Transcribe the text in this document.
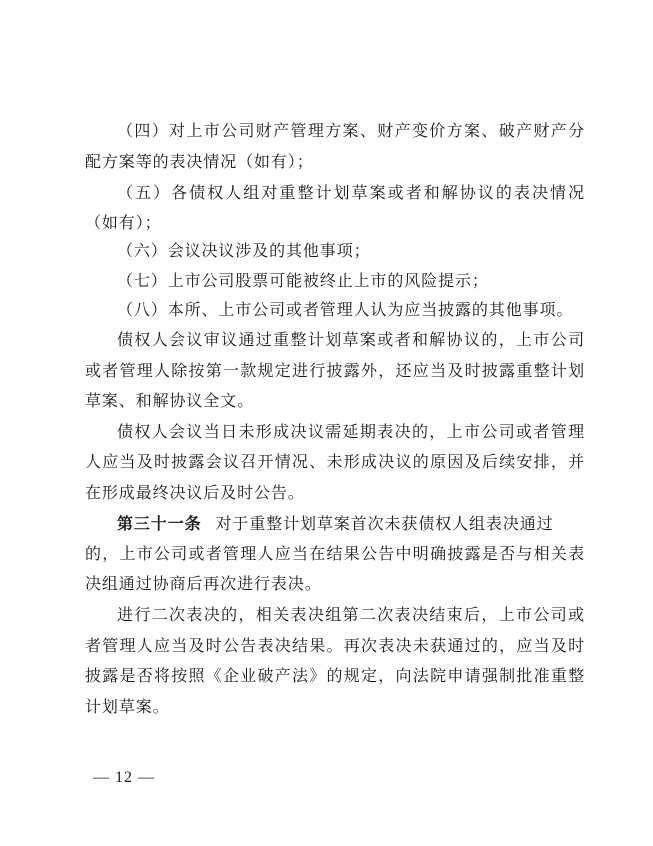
（四）对上市公司财产管理方案、财产变价方案、破产财产分
配方案等的表决情况（如有）；
（五）各债权人组对重整计划草案或者和解协议的表决情况
（如有）；
（六）会议决议涉及的其他事项；
（七）上市公司股票可能被终止上市的风险提示；
（八）本所、上市公司或者管理人认为应当披露的其他事项。
债权人会议审议通过重整计划草案或者和解协议的，上市公司
或者管理人除按第一款规定进行披露外，还应当及时披露重整计划
草案、和解协议全文。
债权人会议当日未形成决议需延期表决的，上市公司或者管理
人应当及时披露会议召开情况、未形成决议的原因及后续安排，并
在形成最终决议后及时公告。
第三十一条 对于重整计划草案首次未获债权人组表决通过
的，上市公司或者管理人应当在结果公告中明确披露是否与相关表
决组通过协商后再次进行表决。
进行二次表决的，相关表决组第二次表决结束后，上市公司或
者管理人应当及时公告表决结果。再次表决未获通过的，应当及时
披露是否将按照《企业破产法》的规定，向法院申请强制批准重整
计划草案。
— 12 —
